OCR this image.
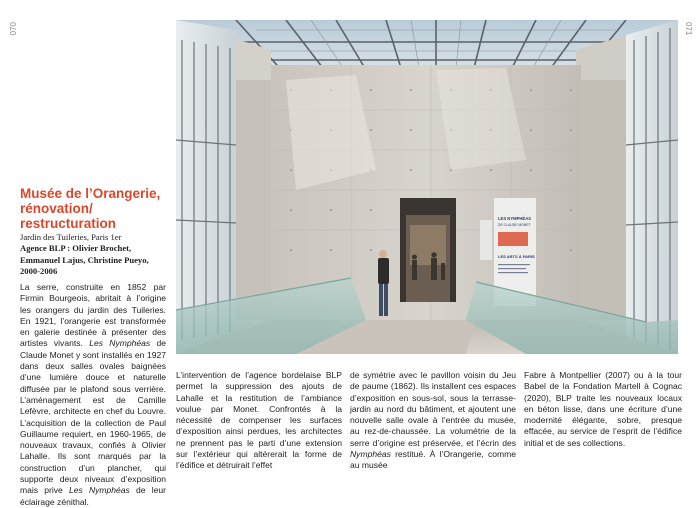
070	071
LES NYMPHÉAS
DE CLAUDE MONET
LES ARTS À PARIS
Musée de l’Orangerie,
rénovation/
restructuration
Jardin des Tuileries, Paris 1er
Agence BLP : Olivier Brochet,
Emmanuel Lajus, Christine Pueyo,
2000-2006

La serre, construite en 1852 par Firmin Bourgeois, abritait à l’origine les orangers du jardin des Tuileries. En 1921, l’orangerie est transformée en galerie destinée à présenter des artistes vivants. Les Nymphéas de Claude Monet y sont installés en 1927 dans deux salles ovales baignées d’une lumière douce et naturelle diffusée par le plafond sous verrière. L’aménagement est de Camille Lefèvre, architecte en chef du Louvre. L’acquisition de la collection de Paul Guillaume requiert, en 1960-1965, de nouveaux travaux, confiés à Olivier Lahalle. Ils sont marqués par la construction d’un plancher, qui supporte deux niveaux d’exposition mais prive Les Nymphéas de leur éclairage zénithal.

L’intervention de l’agence bordelaise BLP permet la suppression des ajouts de Lahalle et la restitution de l’ambiance voulue par Monet. Confrontés à la nécessité de compenser les surfaces d’exposition ainsi perdues, les architectes ne prennent pas le parti d’une extension sur l’extérieur qui altérerait la forme de l’édifice et détruirait l’effet

de symétrie avec le pavillon voisin du Jeu de paume (1862). Ils installent ces espaces d’exposition en sous-sol, sous la terrasse-jardin au nord du bâtiment, et ajoutent une nouvelle salle ovale à l’entrée du musée, au rez-de-chaussée. La volumétrie de la serre d’origine est préservée, et l’écrin des Nymphéas restitué. À l’Orangerie, comme au musée

Fabre à Montpellier (2007) ou à la tour Babel de la Fondation Martell à Cognac (2020), BLP traite les nouveaux locaux en béton lisse, dans une écriture d’une modernité élégante, sobre, presque effacée, au service de l’esprit de l’édifice initial et de ses collections.
